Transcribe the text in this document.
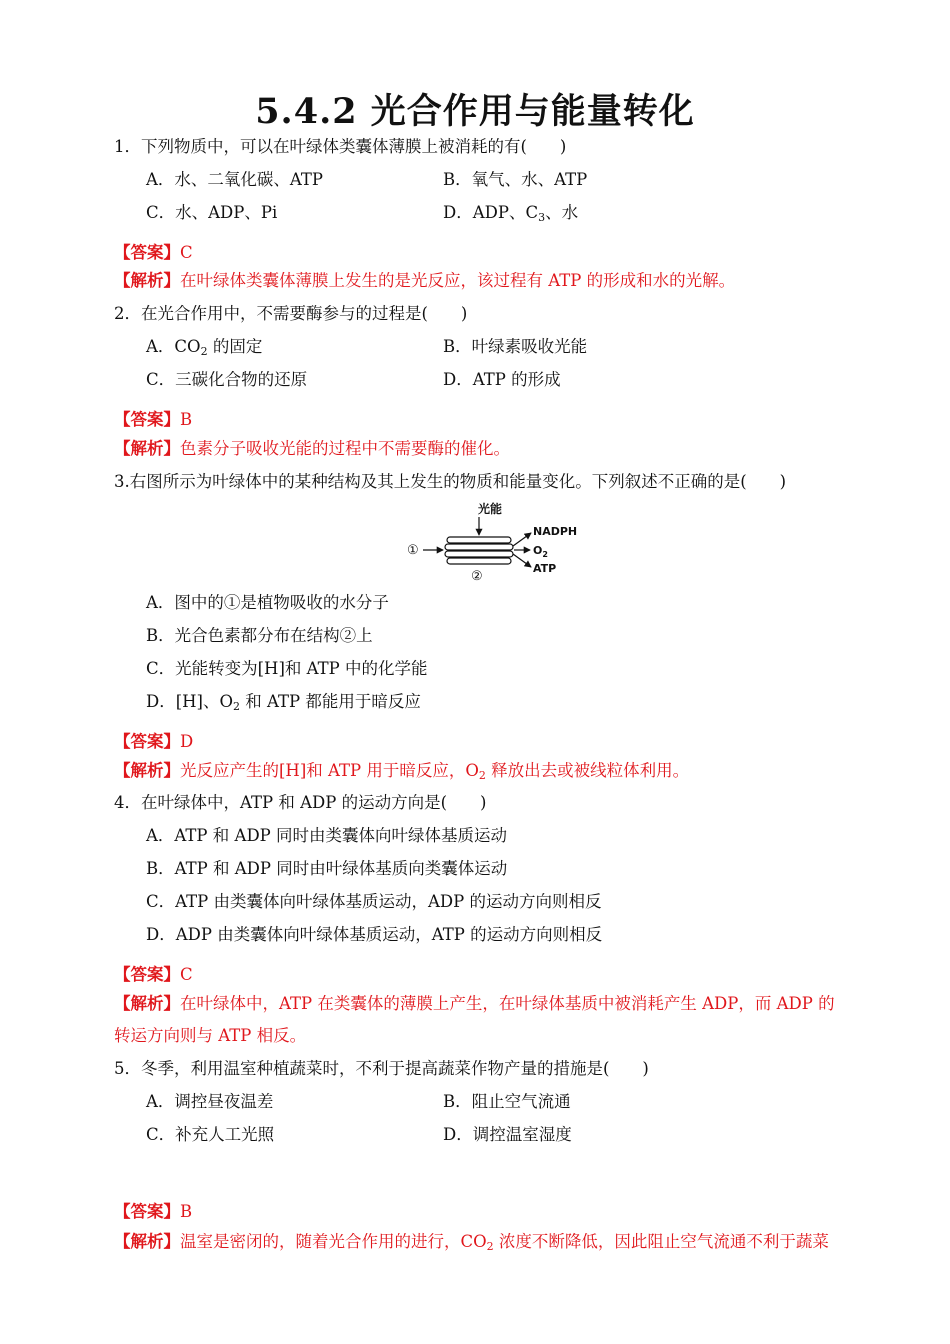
5.4.2 光合作用与能量转化
1．下列物质中，可以在叶绿体类囊体薄膜上被消耗的有(　　)
A．水、二氧化碳、ATP	B．氧气、水、ATP
C．水、ADP、Pi	D．ADP、$C_3$、水
【答案】C
【解析】在叶绿体类囊体薄膜上发生的是光反应，该过程有 ATP 的形成和水的光解。
2．在光合作用中，不需要酶参与的过程是(　　)
A．$CO_2$ 的固定	B．叶绿素吸收光能
C．三碳化合物的还原	D．ATP 的形成
【答案】B
【解析】色素分子吸收光能的过程中不需要酶的催化。
3.右图所示为叶绿体中的某种结构及其上发生的物质和能量变化。下列叙述不正确的是(　　)
光能
①
NADPH
$O_2$
ATP
②
A．图中的①是植物吸收的水分子
B．光合色素都分布在结构②上
C．光能转变为[H]和 ATP 中的化学能
D．[H]、$O_2$ 和 ATP 都能用于暗反应
【答案】D
【解析】光反应产生的[H]和 ATP 用于暗反应，$O_2$ 释放出去或被线粒体利用。
4．在叶绿体中，ATP 和 ADP 的运动方向是(　　)
A．ATP 和 ADP 同时由类囊体向叶绿体基质运动
B．ATP 和 ADP 同时由叶绿体基质向类囊体运动
C．ATP 由类囊体向叶绿体基质运动，ADP 的运动方向则相反
D．ADP 由类囊体向叶绿体基质运动，ATP 的运动方向则相反
【答案】C
【解析】在叶绿体中，ATP 在类囊体的薄膜上产生，在叶绿体基质中被消耗产生 ADP，而 ADP 的
转运方向则与 ATP 相反。
5．冬季，利用温室种植蔬菜时，不利于提高蔬菜作物产量的措施是(　　)
A．调控昼夜温差	B．阻止空气流通
C．补充人工光照	D．调控温室湿度
【答案】B
【解析】温室是密闭的，随着光合作用的进行，$CO_2$ 浓度不断降低，因此阻止空气流通不利于蔬菜
